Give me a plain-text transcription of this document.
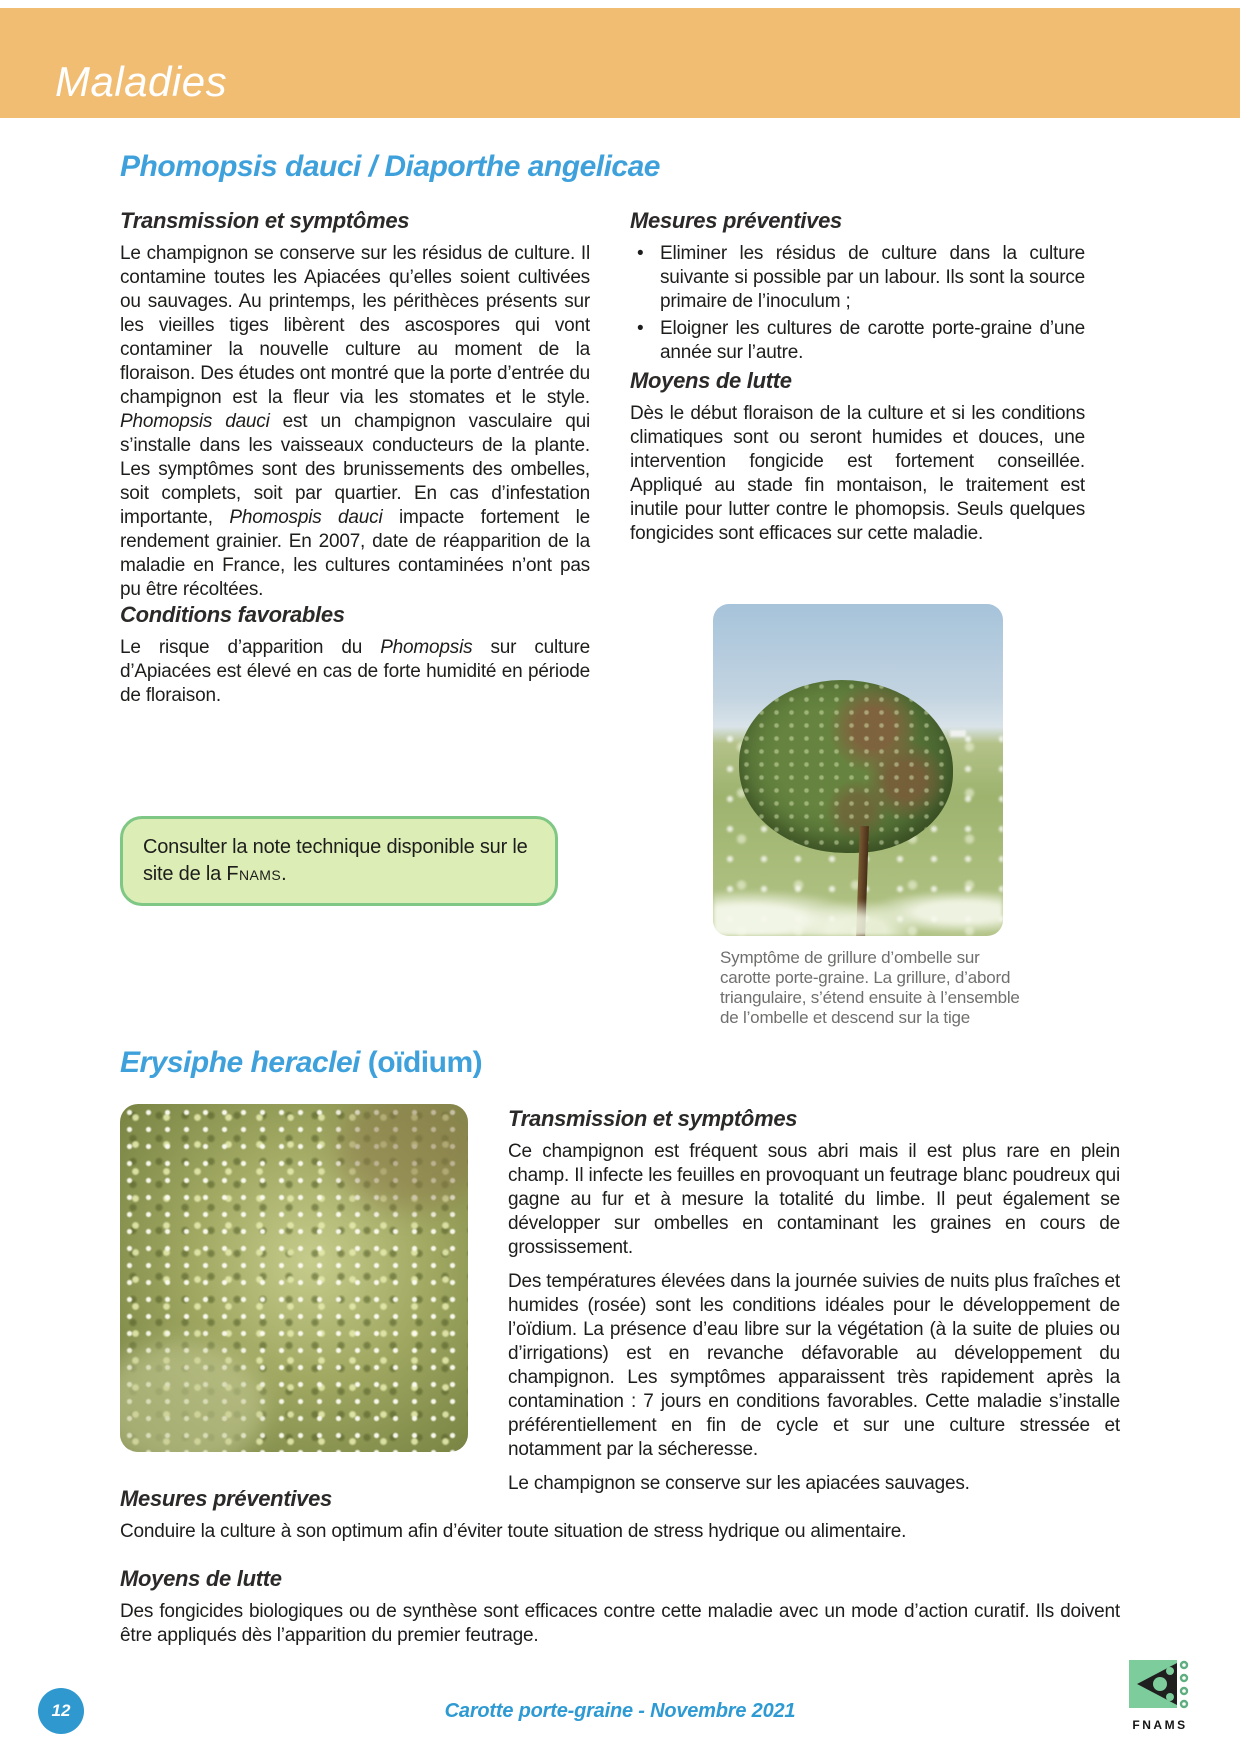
Maladies
Phomopsis dauci / Diaporthe angelicae
Transmission et symptômes

Le champignon se conserve sur les résidus de culture. Il contamine toutes les Apiacées qu’elles soient cultivées ou sauvages. Au printemps, les périthèces présents sur les vieilles tiges libèrent des ascospores qui vont contaminer la nouvelle culture au moment de la floraison. Des études ont montré que la porte d’entrée du champignon est la fleur via les stomates et le style. Phomopsis dauci est un champignon vasculaire qui s’installe dans les vaisseaux conducteurs de la plante. Les symptômes sont des brunissements des ombelles, soit complets, soit par quartier. En cas d’infestation importante, Phomospis dauci impacte fortement le rendement grainier. En 2007, date de réapparition de la maladie en France, les cultures contaminées n’ont pas pu être récoltées.

Conditions favorables

Le risque d’apparition du Phomopsis sur culture d’Apiacées est élevé en cas de forte humidité en période de floraison.

Consulter la note technique disponible sur le site de la Fnams.

Mesures préventives
• Eliminer les résidus de culture dans la culture suivante si possible par un labour. Ils sont la source primaire de l’inoculum ;
• Eloigner les cultures de carotte porte-graine d’une année sur l’autre.
Moyens de lutte

Dès le début floraison de la culture et si les conditions climatiques sont ou seront humides et douces, une intervention fongicide est fortement conseillée. Appliqué au stade fin montaison, le traitement est inutile pour lutter contre le phomopsis. Seuls quelques fongicides sont efficaces sur cette maladie.

Symptôme de grillure d’ombelle sur carotte porte-graine. La grillure, d’abord triangulaire, s’étend ensuite à l’ensemble de l’ombelle et descend sur la tige
Erysiphe heraclei (oïdium)
Transmission et symptômes

Ce champignon est fréquent sous abri mais il est plus rare en plein champ. Il infecte les feuilles en provoquant un feutrage blanc poudreux qui gagne au fur et à mesure la totalité du limbe. Il peut également se développer sur ombelles en contaminant les graines en cours de grossissement.

Des températures élevées dans la journée suivies de nuits plus fraîches et humides (rosée) sont les conditions idéales pour le développement de l’oïdium. La présence d’eau libre sur la végétation (à la suite de pluies ou d’irrigations) est en revanche défavorable au développement du champignon. Les symptômes apparaissent très rapidement après la contamination : 7 jours en conditions favorables. Cette maladie s’installe préférentiellement en fin de cycle et sur une culture stressée et notamment par la sécheresse.

Le champignon se conserve sur les apiacées sauvages.

Mesures préventives

Conduire la culture à son optimum afin d’éviter toute situation de stress hydrique ou alimentaire.

Moyens de lutte

Des fongicides biologiques ou de synthèse sont efficaces contre cette maladie avec un mode d’action curatif. Ils doivent être appliqués dès l’apparition du premier feutrage.

12	Carotte porte-graine - Novembre 2021
FNAMS
